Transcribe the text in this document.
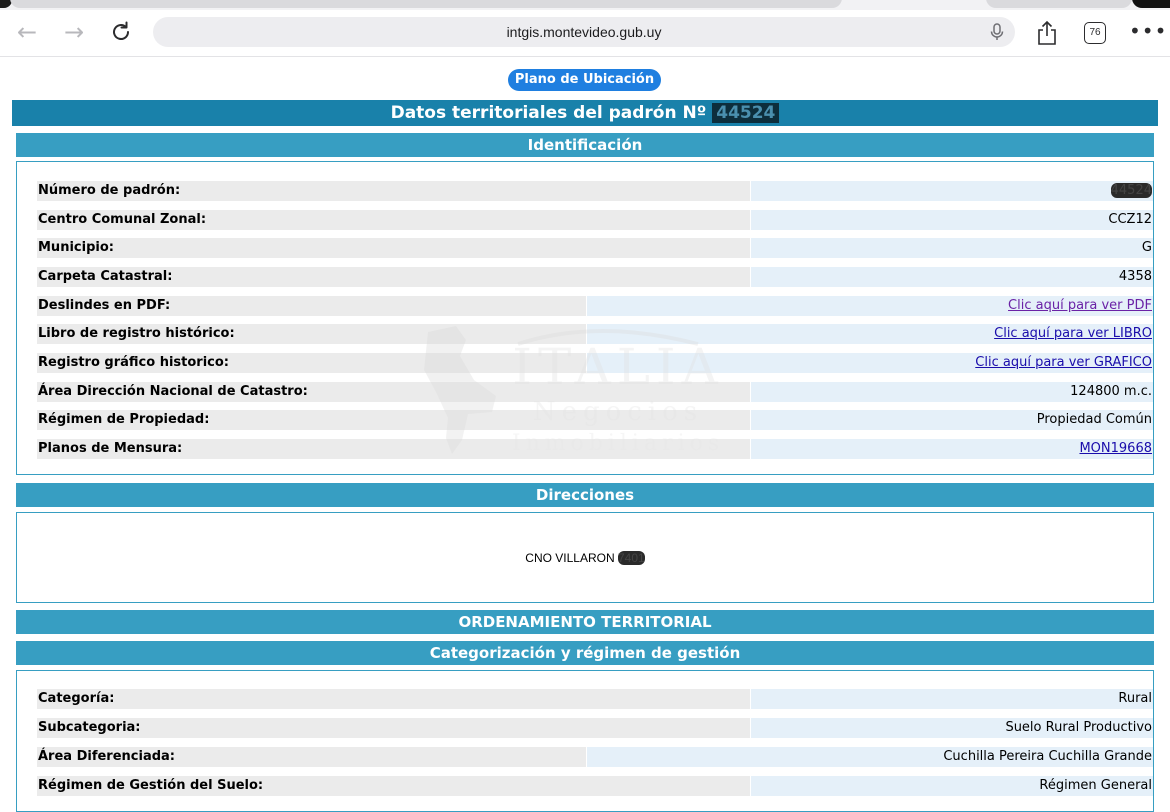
← →	intgis.montevideo.gub.uy	76 •••
Plano de Ubicación
Datos territoriales del padrón Nº 44524
Identificación
Número de padrón:	44524
Centro Comunal Zonal:	CCZ12
Municipio:	G
Carpeta Catastral:	4358
Deslindes en PDF:	Clic aquí para ver PDF
Libro de registro histórico:	Clic aquí para ver LIBRO
Registro gráfico historico:	Clic aquí para ver GRAFICO
Área Dirección Nacional de Catastro:	124800 m.c.
Régimen de Propiedad:	Propiedad Común
Planos de Mensura:	MON19668
ITALIA
Negocios
Inmobiliarios
Direcciones
CNO VILLARON 7401
ORDENAMIENTO TERRITORIAL
Categorización y régimen de gestión
Categoría:	Rural
Subcategoria:	Suelo Rural Productivo
Área Diferenciada:	Cuchilla Pereira Cuchilla Grande
Régimen de Gestión del Suelo:	Régimen General
